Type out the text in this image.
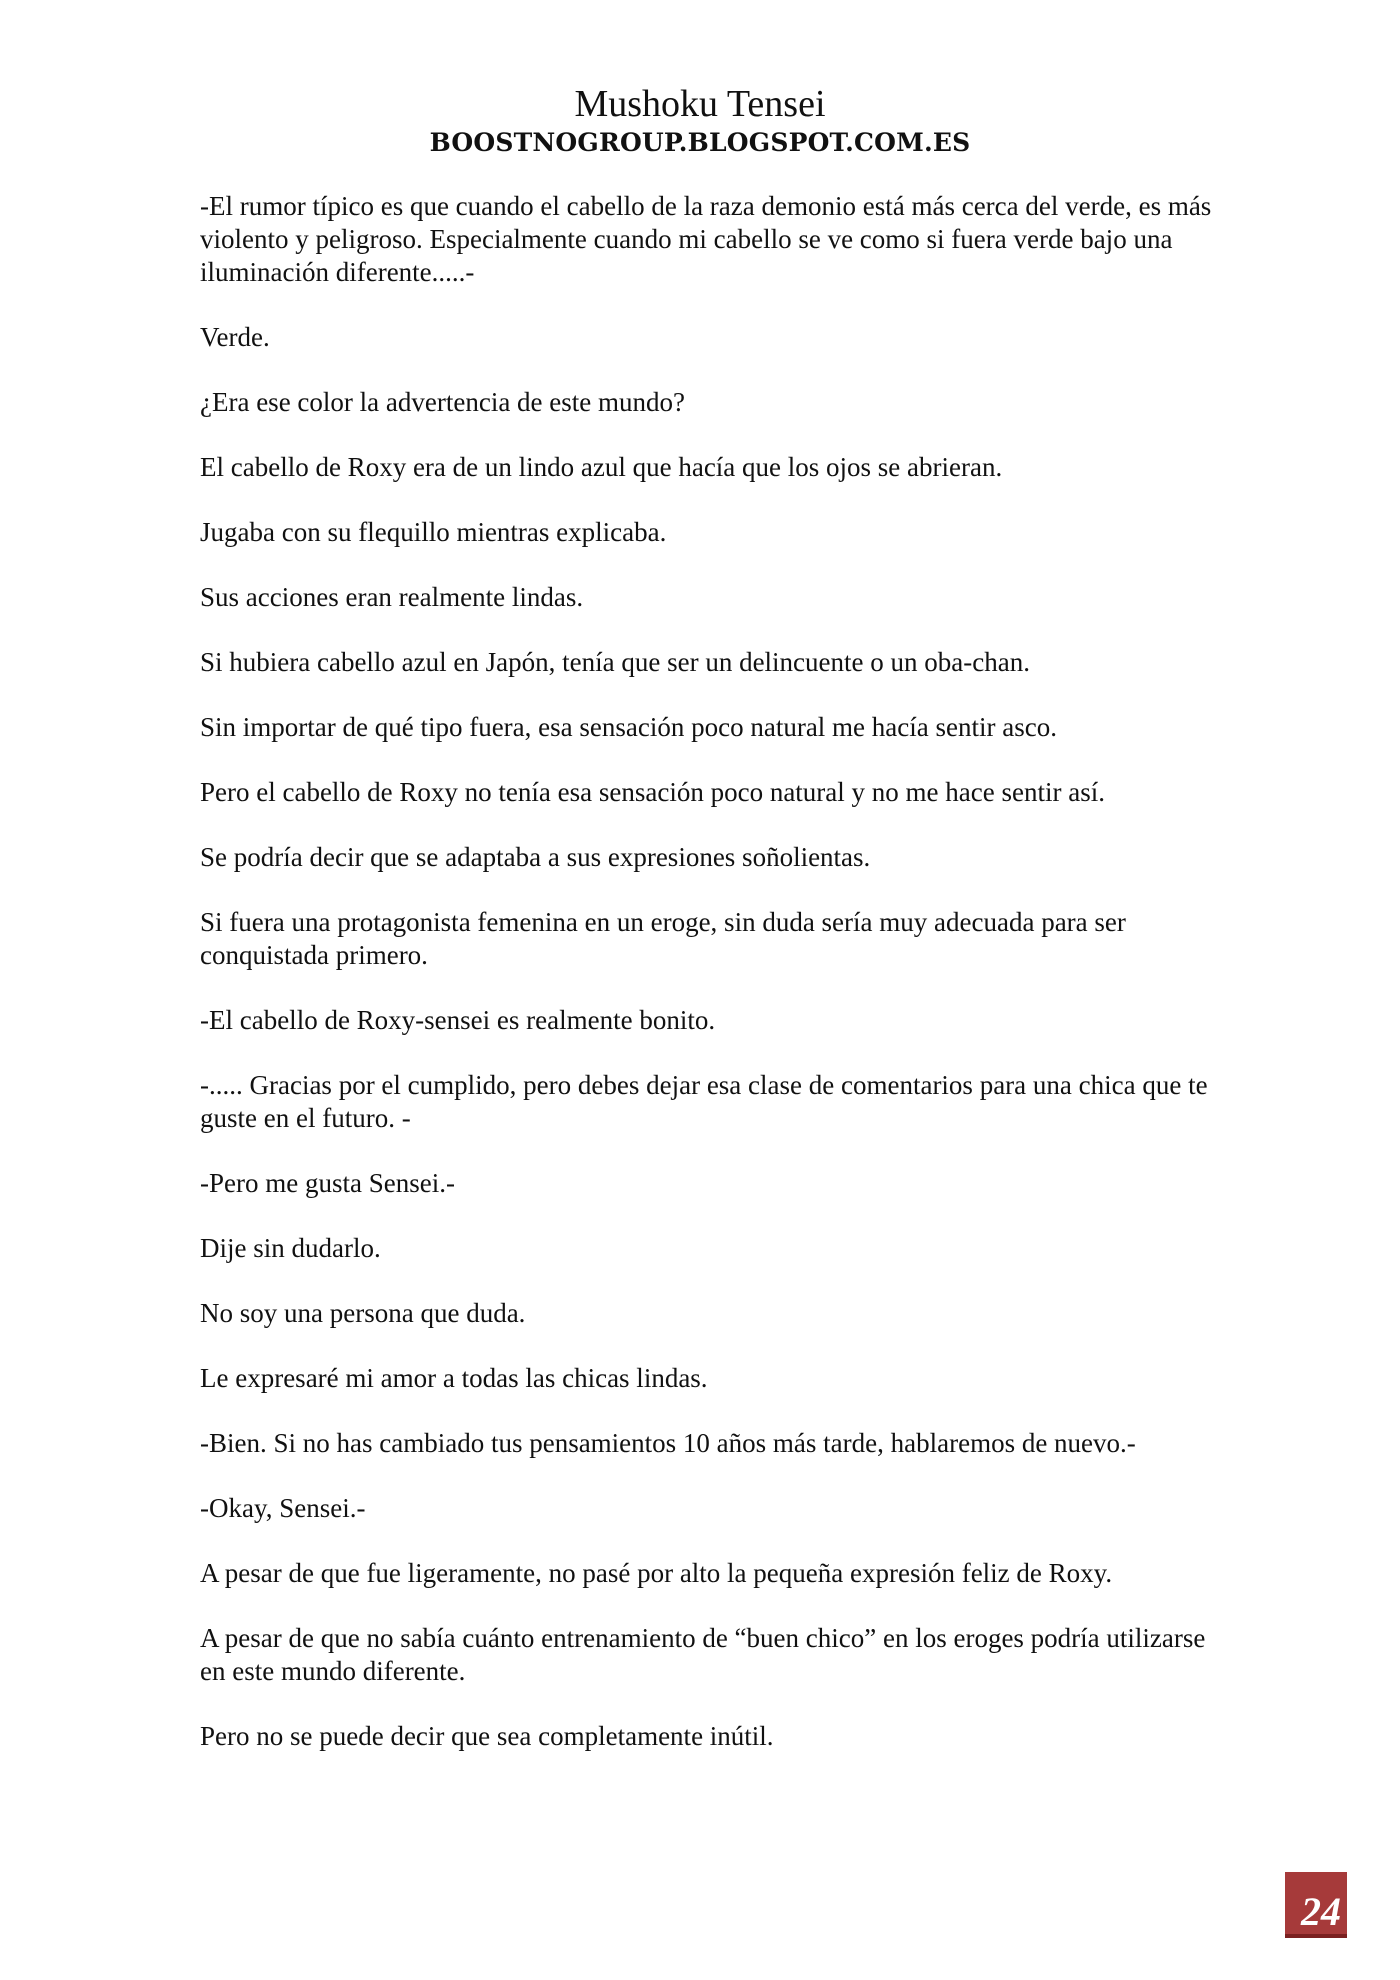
Mushoku Tensei
BOOSTNOGROUP.BLOGSPOT.COM.ES

-El rumor típico es que cuando el cabello de la raza demonio está más cerca del verde, es más violento y peligroso. Especialmente cuando mi cabello se ve como si fuera verde bajo una iluminación diferente.....-

Verde.

¿Era ese color la advertencia de este mundo?

El cabello de Roxy era de un lindo azul que hacía que los ojos se abrieran.

Jugaba con su flequillo mientras explicaba.

Sus acciones eran realmente lindas.

Si hubiera cabello azul en Japón, tenía que ser un delincuente o un oba-chan.

Sin importar de qué tipo fuera, esa sensación poco natural me hacía sentir asco.

Pero el cabello de Roxy no tenía esa sensación poco natural y no me hace sentir así.

Se podría decir que se adaptaba a sus expresiones soñolientas.

Si fuera una protagonista femenina en un eroge, sin duda sería muy adecuada para ser conquistada primero.

-El cabello de Roxy-sensei es realmente bonito.

-..... Gracias por el cumplido, pero debes dejar esa clase de comentarios para una chica que te guste en el futuro. -

-Pero me gusta Sensei.-

Dije sin dudarlo.

No soy una persona que duda.

Le expresaré mi amor a todas las chicas lindas.

-Bien. Si no has cambiado tus pensamientos 10 años más tarde, hablaremos de nuevo.-

-Okay, Sensei.-

A pesar de que fue ligeramente, no pasé por alto la pequeña expresión feliz de Roxy.

A pesar de que no sabía cuánto entrenamiento de “buen chico” en los eroges podría utilizarse en este mundo diferente.

Pero no se puede decir que sea completamente inútil.

24
